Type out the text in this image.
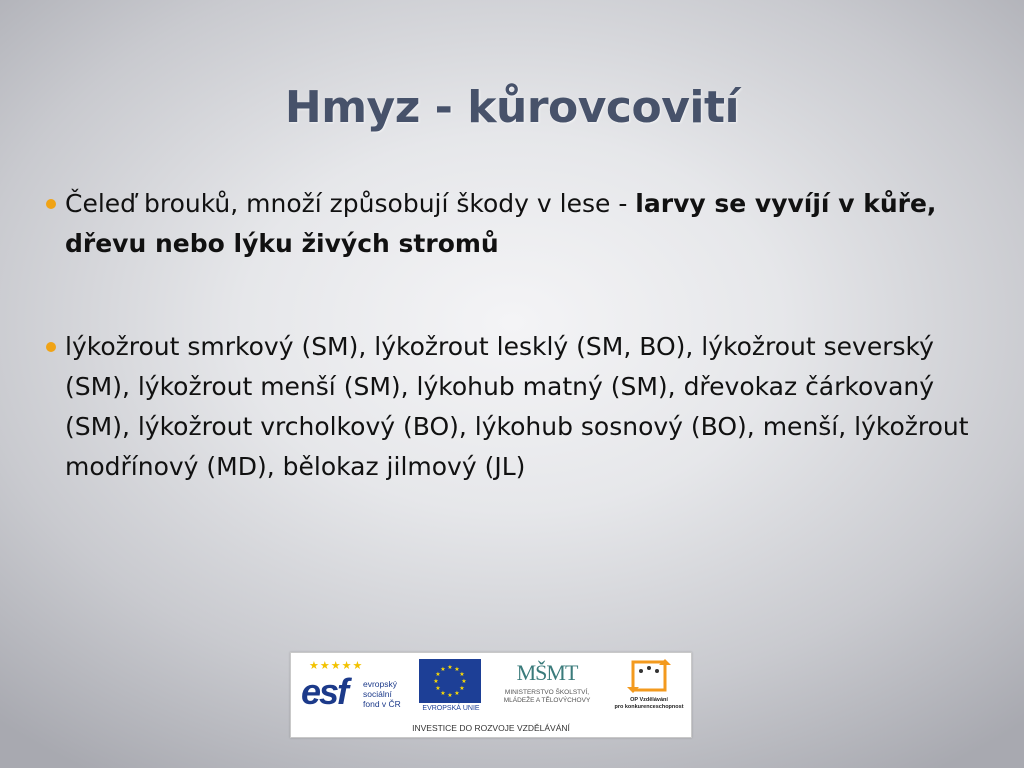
Hmyz - kůrovcovití
Čeleď brouků, množí způsobují škody v lese - larvy se vyvíjí v kůře, dřevu nebo lýku živých stromů
lýkožrout smrkový (SM), lýkožrout lesklý (SM, BO), lýkožrout severský (SM), lýkožrout menší (SM), lýkohub matný (SM), dřevokaz čárkovaný (SM), lýkožrout vrcholkový (BO), lýkohub sosnový (BO), menší, lýkožrout modřínový (MD), bělokaz jilmový (JL)
★★★★★
esf evropský
sociální
fond v ČR
★ ★
★
★
★
★
★
★
★
★
★
★
EVROPSKÁ UNIE
MŠMT
MINISTERSTVO ŠKOLSTVÍ,
MLÁDEŽE A TĚLOVÝCHOVY	OP Vzdělávání
pro konkurenceschopnost
INVESTICE DO ROZVOJE VZDĚLÁVÁNÍ
